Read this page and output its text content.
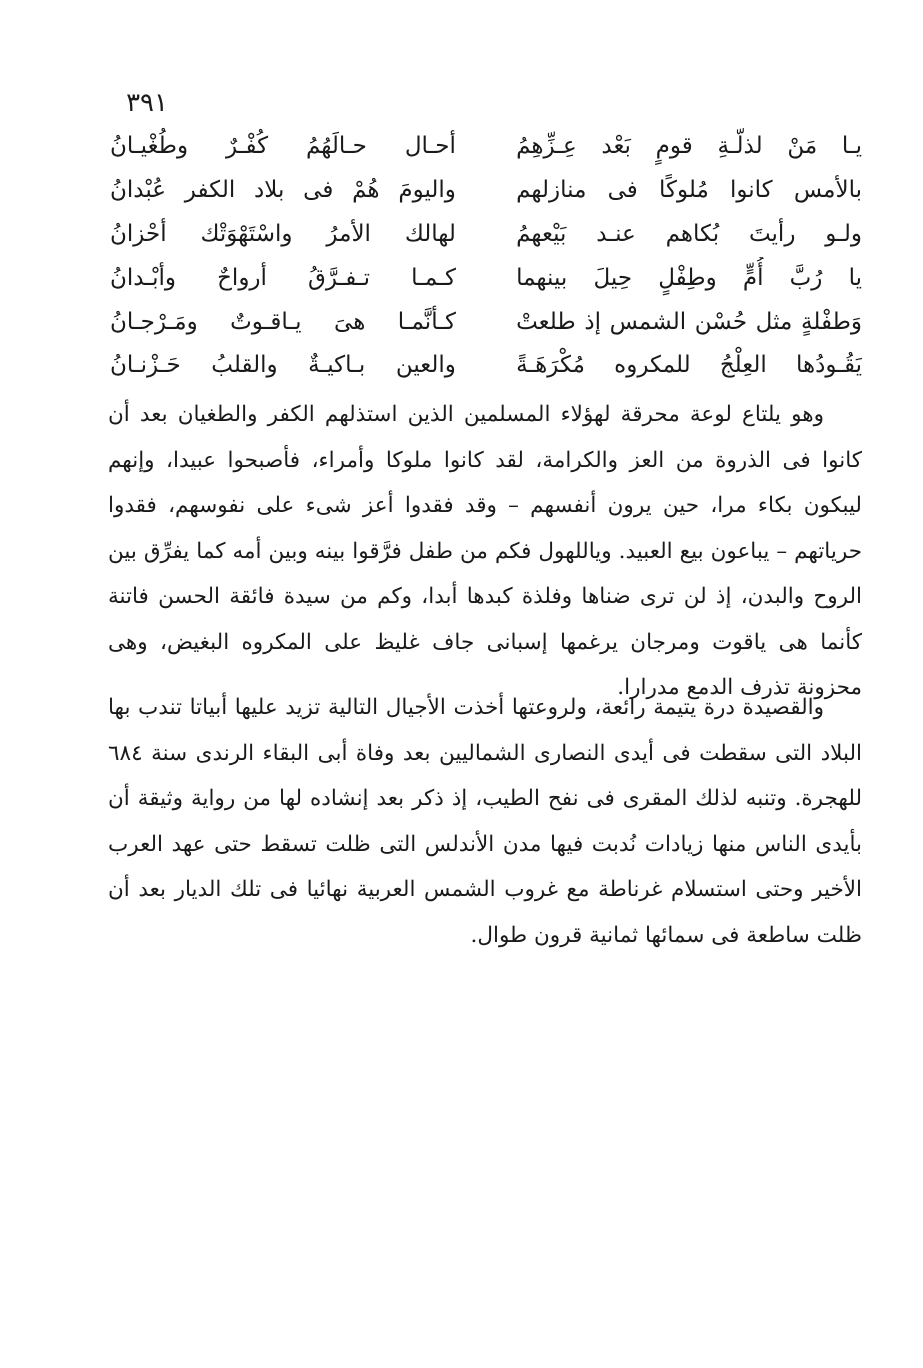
٣٩١
يـا مَنْ لذلّـةِ قومٍ بَعْد عِـزِّهِمُ
أحـال حـالَهُمُ كُفْـرٌ وطُغْيـانُ
بالأمس كانوا مُلوكًا فى منازلهم
واليومَ هُمْ فى بلاد الكفر عُبْدانُ
ولـو رأيتَ بُكاهم عنـد بَيْعهمُ
لهالك الأمرُ واسْتَهْوَتْك أحْزانُ
يا رُبَّ أُمٍّ وطِفْلٍ حِيلَ بينهما
كـمـا تـفـرَّقُ أرواحٌ وأبْـدانُ
وَطفْلةٍ مثل حُسْن الشمس إذ طلعتْ
كـأنَّمـا هىَ يـاقـوتٌ ومَـرْجـانُ
يَقُـودُها العِلْجُ للمكروه مُكْرَهَـةً
والعين بـاكيـةٌ والقلبُ حَـزْنـانُ

وهو يلتاع لوعة محرقة لهؤلاء المسلمين الذين استذلهم الكفر والطغيان بعد أن كانوا فى الذروة من العز والكرامة، لقد كانوا ملوكا وأمراء، فأصبحوا عبيدا، وإنهم ليبكون بكاء مرا، حين يرون أنفسهم – وقد فقدوا أعز شىء على نفوسهم، فقدوا حرياتهم – يباعون بيع العبيد. وياللهول فكم من طفل فرَّقوا بينه وبين أمه كما يفرِّق بين الروح والبدن، إذ لن ترى ضناها وفلذة كبدها أبدا، وكم من سيدة فائقة الحسن فاتنة كأنما هى ياقوت ومرجان يرغمها إسبانى جاف غليظ على المكروه البغيض، وهى محزونة تذرف الدمع مدرارا.

والقصيدة درة يتيمة رائعة، ولروعتها أخذت الأجيال التالية تزيد عليها أبياتا تندب بها البلاد التى سقطت فى أيدى النصارى الشماليين بعد وفاة أبى البقاء الرندى سنة ٦٨٤ للهجرة. وتنبه لذلك المقرى فى نفح الطيب، إذ ذكر بعد إنشاده لها من رواية وثيقة أن بأيدى الناس منها زيادات نُدبت فيها مدن الأندلس التى ظلت تسقط حتى عهد العرب الأخير وحتى استسلام غرناطة مع غروب الشمس العربية نهائيا فى تلك الديار بعد أن ظلت ساطعة فى سمائها ثمانية قرون طوال.
